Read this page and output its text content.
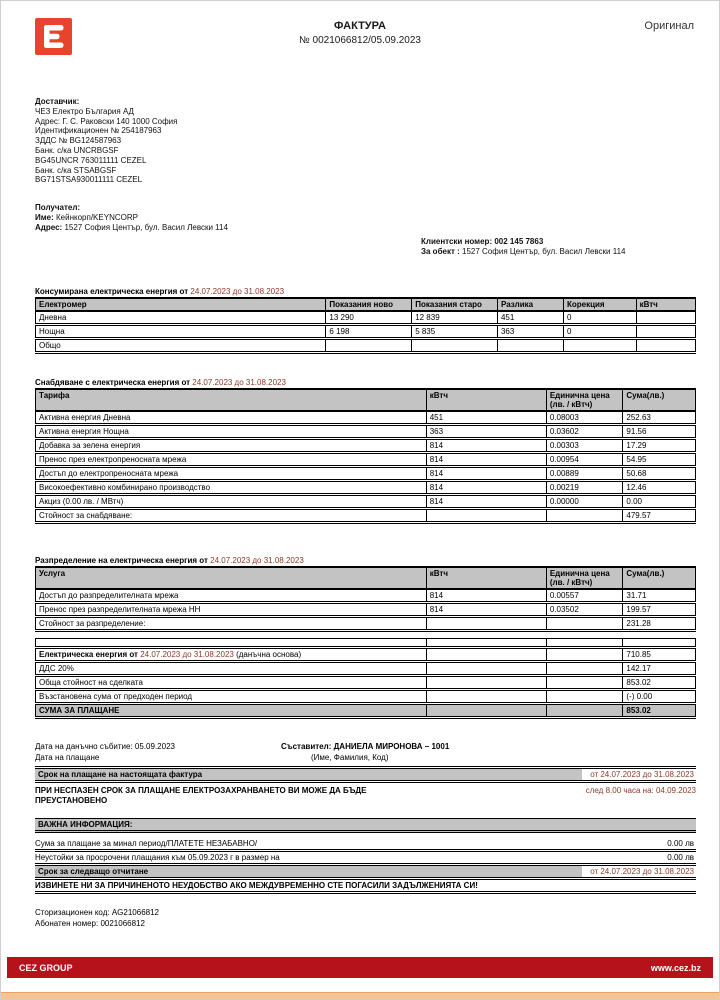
ФАКТУРА
№ 0021066812/05.09.2023
Оригинал
Доставчик:
ЧЕЗ Електро България АД
Адрес: Г. С. Раковски 140 1000 София
Идентификационен № 254187963
ЗДДС № BG124587963
Банк. с/ка UNCRBGSF
BG45UNCR 763011111 CEZEL
Банк. с/ка STSABGSF
BG71STSA930011111 CEZEL
Получател:
Име: Кейнкорп/KEYNCORP
Адрес: 1527 София Център, бул. Васил Левски 114
Клиентски номер: 002 145 7863
За обект : 1527 София Център, бул. Васил Левски 114
Консумирана електрическа енергия от 24.07.2023 до 31.08.2023
Електромер	Показания ново	Показания старо	Разлика	Корекция	кВтч
Дневна	13 290	12 839	451	0	
Нощна	6 198	5 835	363	0	
Общо					
Снабдяване с електрическа енергия от 24.07.2023 до 31.08.2023
Тарифа	кВтч	Единична цена (лв. / кВтч)	Сума(лв.)
Активна енергия Дневна	451	0.08003	252.63
Активна енергия Нощна	363	0.03602	91.56
Добавка за зелена енергия	814	0.00303	17.29
Пренос през електропреносната мрежа	814	0.00954	54.95
Достъп до електропреносната мрежа	814	0.00889	50.68
Високоефективно комбинирано производство	814	0.00219	12.46
Акциз (0.00 лв. / МВтч)	814	0.00000	0.00
Стойност за снабдяване:			479.57
Разпределение на електрическа енергия от 24.07.2023 до 31.08.2023
Услуга	кВтч	Единична цена (лв. / кВтч)	Сума(лв.)
Достъп до разпределителната мрежа	814	0.00557	31.71
Пренос през разпределителната мрежа НН	814	0.03502	199.57
Стойност за разпределение:			231.28

Електрическа енергия от 24.07.2023 до 31.08.2023 (данъчна основа)			710.85
ДДС 20%			142.17
Обща стойност на сделката			853.02
Възстановена сума от предходен период			(-) 0.00
СУМА ЗА ПЛАЩАНЕ			853.02
Дата на данъчно събитие: 05.09.2023	Съставител: ДАНИЕЛА МИРОНОВА – 1001
Дата на плащане	(Име, Фамилия, Код)
Срок на плащане на настоящата фактура	от 24.07.2023 до 31.08.2023
ПРИ НЕСПАЗЕН СРОК ЗА ПЛАЩАНЕ ЕЛЕКТРОЗАХРАНВАНЕТО ВИ МОЖЕ ДА БЪДЕ	след 8.00 часа на: 04.09.2023
ПРЕУСТАНОВЕНО
ВАЖНА ИНФОРМАЦИЯ:
Сума за плащане за минал период/ПЛАТЕТЕ НЕЗАБАВНО/	0.00 лв
Неустойки за просрочени плащания към 05.09.2023 г в размер на	0.00 лв
Срок за следващо отчитане	от 24.07.2023 до 31.08.2023
ИЗВИНЕТЕ НИ ЗА ПРИЧИНЕНОТО НЕУДОБСТВО АКО МЕЖДУВРЕМЕННО СТЕ ПОГАСИЛИ ЗАДЪЛЖЕНИЯТА СИ!
Сторизационен код: AG21066812
Абонатен номер: 0021066812
CEZ GROUP	www.cez.bz
